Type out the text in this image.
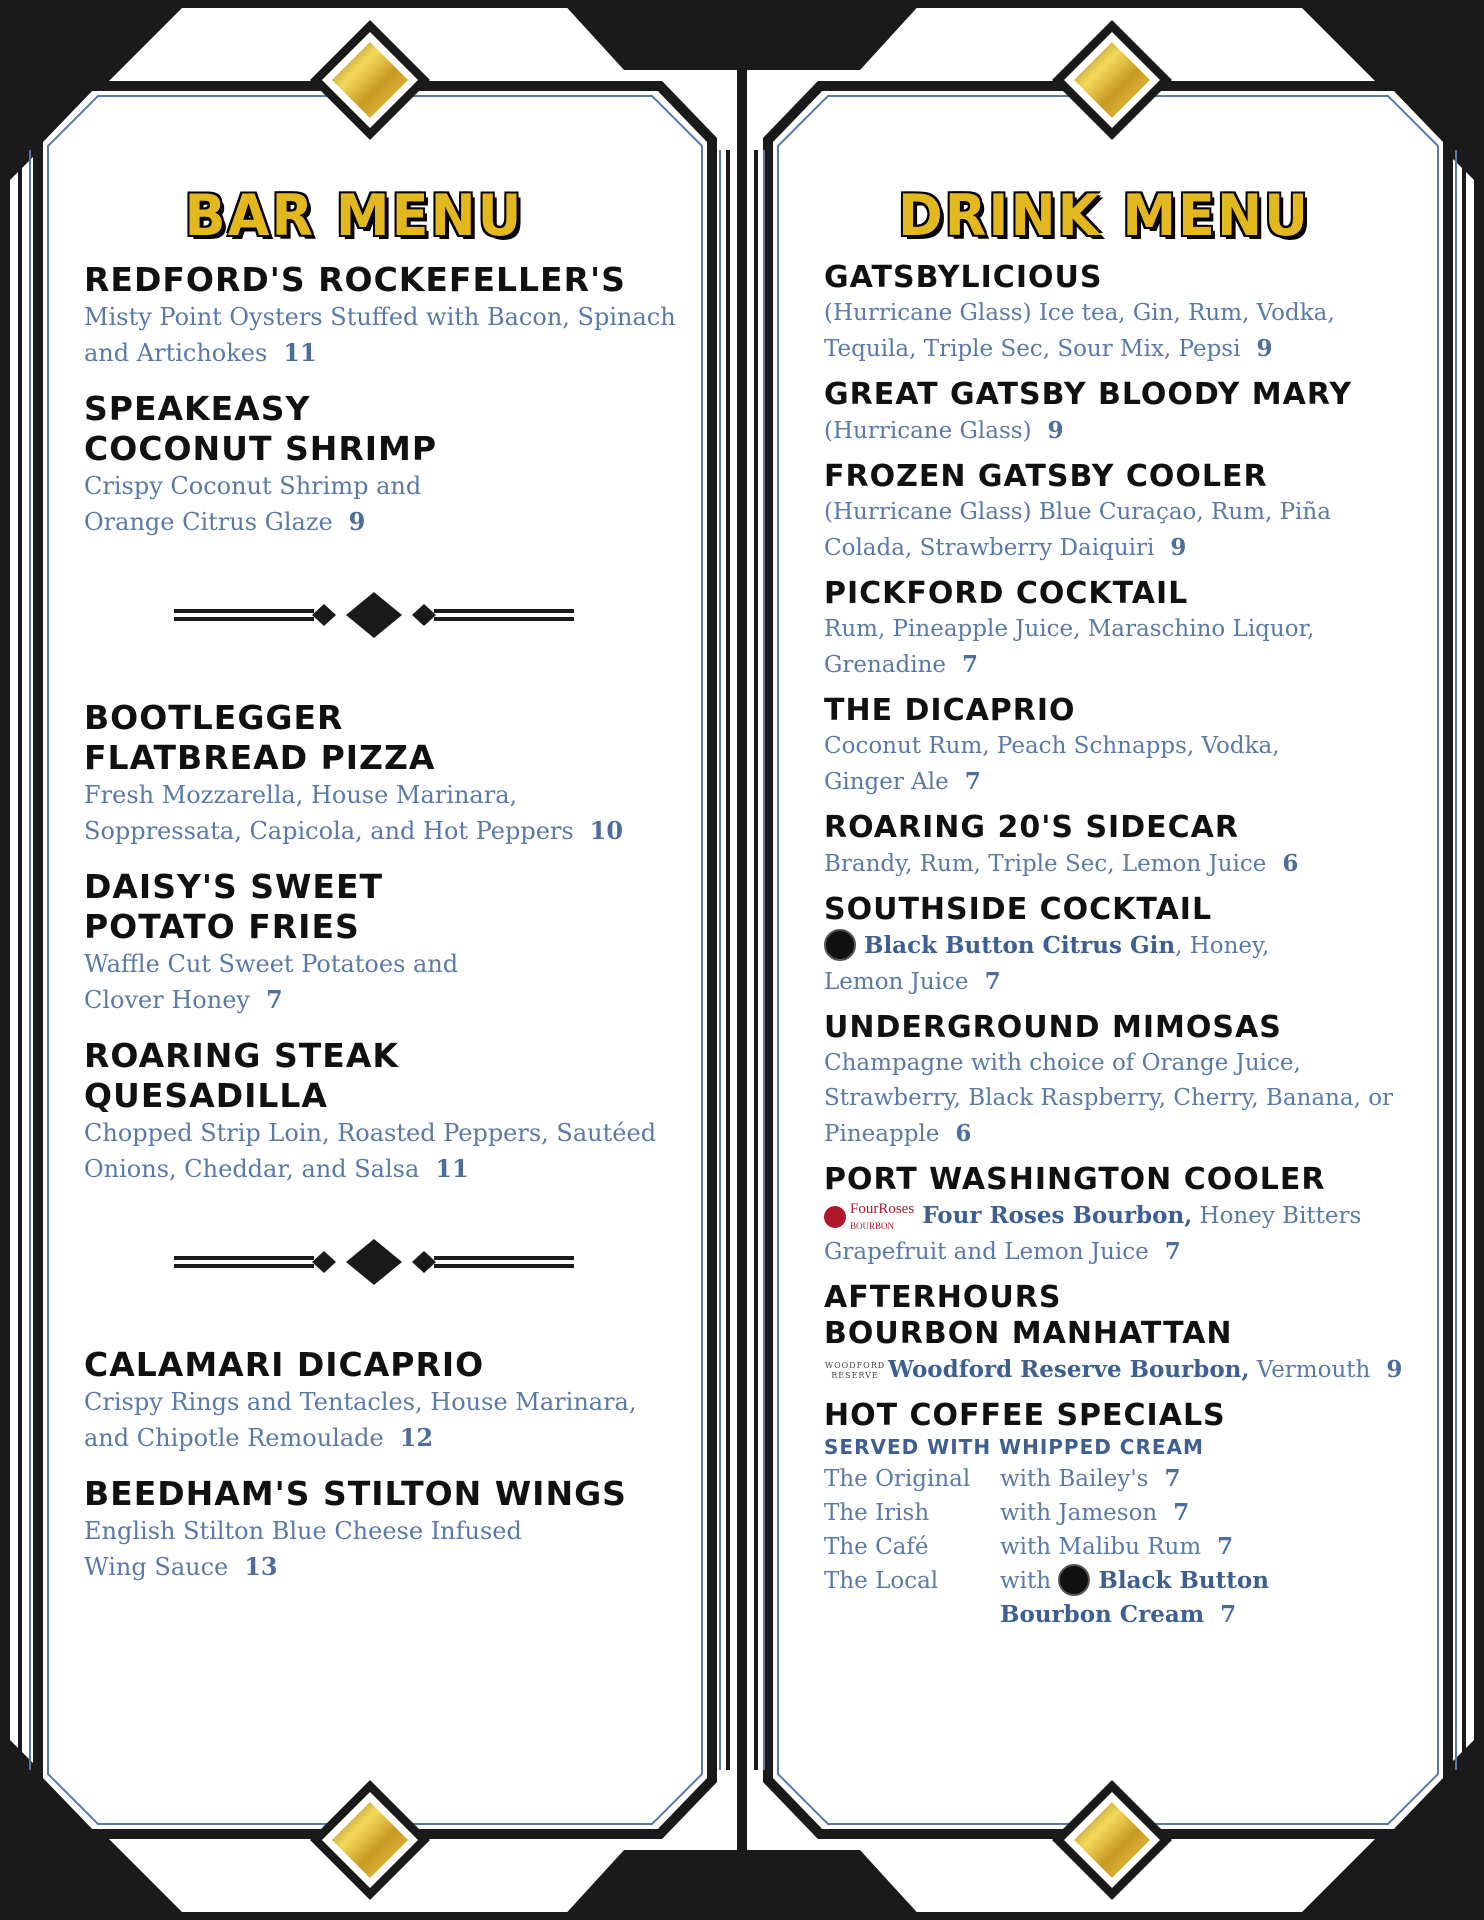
BAR MENU
REDFORD'S ROCKEFELLER'S
Misty Point Oysters Stuffed with Bacon, Spinach and Artichokes 11
SPEAKEASY COCONUT SHRIMP
Crispy Coconut Shrimp and Orange Citrus Glaze 9
BOOTLEGGER FLATBREAD PIZZA
Fresh Mozzarella, House Marinara, Soppressata, Capicola, and Hot Peppers 10
DAISY'S SWEET POTATO FRIES
Waffle Cut Sweet Potatoes and Clover Honey 7
ROARING STEAK QUESADILLA
Chopped Strip Loin, Roasted Peppers, Sautéed Onions, Cheddar, and Salsa 11
CALAMARI DICAPRIO
Crispy Rings and Tentacles, House Marinara, and Chipotle Remoulade 12
BEEDHAM'S STILTON WINGS
English Stilton Blue Cheese Infused Wing Sauce 13
DRINK MENU
GATSBYLICIOUS
(Hurricane Glass) Ice tea, Gin, Rum, Vodka, Tequila, Triple Sec, Sour Mix, Pepsi 9
GREAT GATSBY BLOODY MARY
(Hurricane Glass) 9
FROZEN GATSBY COOLER
(Hurricane Glass) Blue Curaçao, Rum, Piña Colada, Strawberry Daiquiri 9
PICKFORD COCKTAIL
Rum, Pineapple Juice, Maraschino Liquor, Grenadine 7
THE DICAPRIO
Coconut Rum, Peach Schnapps, Vodka, Ginger Ale 7
ROARING 20'S SIDECAR
Brandy, Rum, Triple Sec, Lemon Juice 6
SOUTHSIDE COCKTAIL
Black Button Citrus Gin, Honey, Lemon Juice 7
UNDERGROUND MIMOSAS
Champagne with choice of Orange Juice, Strawberry, Black Raspberry, Cherry, Banana, or Pineapple 6
PORT WASHINGTON COOLER
FourRoses
BOURBON Four Roses Bourbon, Honey Bitters Grapefruit and Lemon Juice 7
AFTERHOURS BOURBON MANHATTAN
WOODFORD RESERVE Woodford Reserve Bourbon, Vermouth 9
HOT COFFEE SPECIALS
SERVED WITH WHIPPED CREAM
The Original	with Bailey's 7
The Irish	with Jameson 7
The Café	with Malibu Rum 7
The Local	with Black Button
Bourbon Cream 7
